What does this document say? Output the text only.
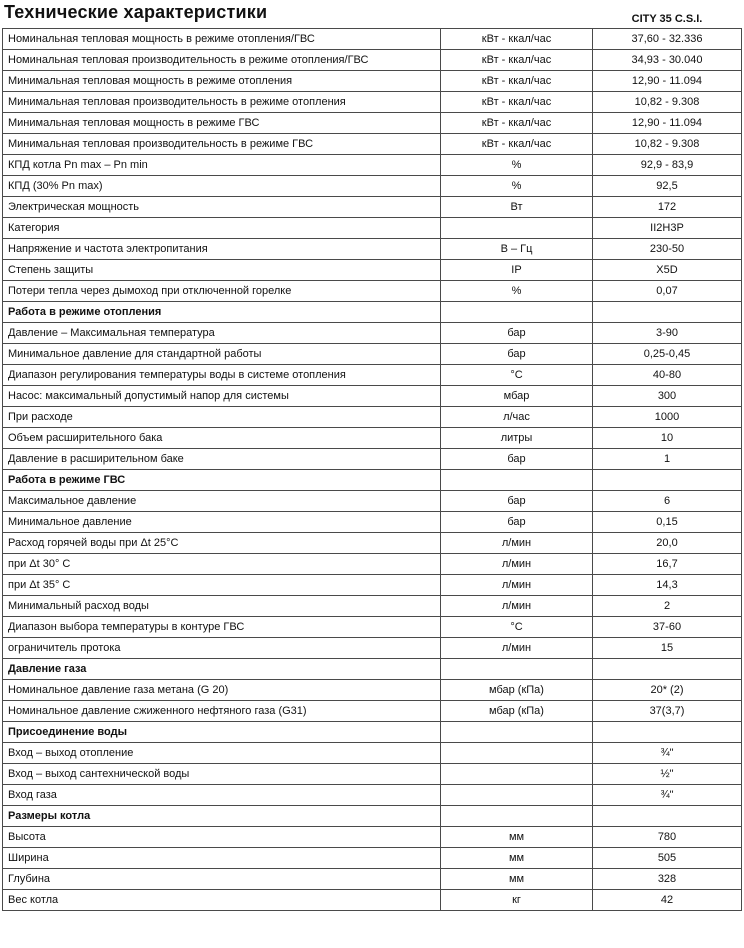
Технические характеристики	CITY 35 C.S.I.
Номинальная тепловая мощность в режиме отопления/ГВС	кВт - ккал/час	37,60 - 32.336
Номинальная тепловая производительность в режиме отопления/ГВС	кВт - ккал/час	34,93 - 30.040
Минимальная тепловая мощность в режиме отопления	кВт - ккал/час	12,90 - 11.094
Минимальная тепловая производительность в режиме отопления	кВт - ккал/час	10,82 - 9.308
Минимальная тепловая мощность в режиме ГВС	кВт - ккал/час	12,90 - 11.094
Минимальная тепловая производительность в режиме ГВС	кВт - ккал/час	10,82 - 9.308
КПД котла Pn max – Pn min	%	92,9 - 83,9
КПД (30% Pn max)	%	92,5
Электрическая мощность	Вт	172
Категория		II2H3P
Напряжение и частота электропитания	В – Гц	230-50
Степень защиты	IP	X5D
Потери тепла через дымоход при отключенной горелке	%	0,07
Работа в режиме отопления		
Давление – Максимальная температура	бар	3-90
Минимальное давление для стандартной работы	бар	0,25-0,45
Диапазон регулирования температуры воды в системе отопления	°С	40-80
Насос: максимальный допустимый напор для системы	мбар	300
При расходе	л/час	1000
Объем расширительного бака	литры	10
Давление в расширительном баке	бар	1
Работа в режиме ГВС		
Максимальное давление	бар	6
Минимальное давление	бар	0,15
Расход горячей воды при Δt 25°С	л/мин	20,0
при Δt 30° С	л/мин	16,7
при Δt 35° С	л/мин	14,3
Минимальный расход воды	л/мин	2
Диапазон выбора температуры в контуре ГВС	°С	37-60
ограничитель протока	л/мин	15
Давление газа		
Номинальное давление газа метана (G 20)	мбар (кПа)	20* (2)
Номинальное давление сжиженного нефтяного газа (G31)	мбар (кПа)	37(3,7)
Присоединение воды		
Вход – выход отопление		¾"
Вход – выход сантехнической воды		½"
Вход газа		¾"
Размеры котла		
Высота	мм	780
Ширина	мм	505
Глубина	мм	328
Вес котла	кг	42
